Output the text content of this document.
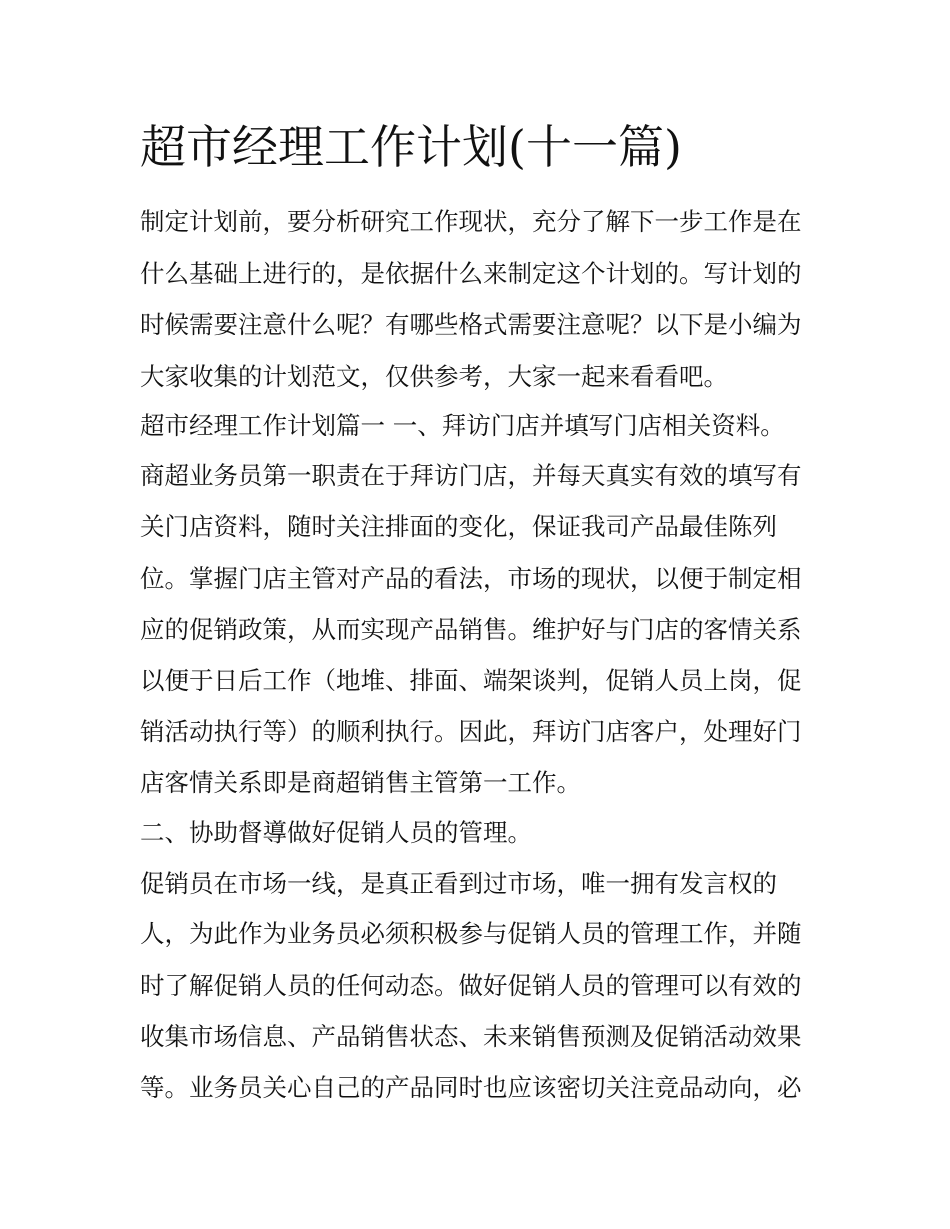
超市经理工作计划(十一篇)

制定计划前，要分析研究工作现状，充分了解下一步工作是在

什么基础上进行的，是依据什么来制定这个计划的。写计划的

时候需要注意什么呢？有哪些格式需要注意呢？以下是小编为

大家收集的计划范文，仅供参考，大家一起来看看吧。

超市经理工作计划篇一 一、拜访门店并填写门店相关资料。

商超业务员第一职责在于拜访门店，并每天真实有效的填写有

关门店资料，随时关注排面的变化，保证我司产品最佳陈列

位。掌握门店主管对产品的看法，市场的现状，以便于制定相

应的促销政策，从而实现产品销售。维护好与门店的客情关系

以便于日后工作（地堆、排面、端架谈判，促销人员上岗，促

销活动执行等）的顺利执行。因此，拜访门店客户，处理好门

店客情关系即是商超销售主管第一工作。

二、协助督導做好促销人员的管理。

促销员在市场一线，是真正看到过市场，唯一拥有发言权的

人，为此作为业务员必须积极参与促销人员的管理工作，并随

时了解促销人员的任何动态。做好促销人员的管理可以有效的

收集市场信息、产品销售状态、未来销售预测及促销活动效果

等。业务员关心自己的产品同时也应该密切关注竞品动向，必
